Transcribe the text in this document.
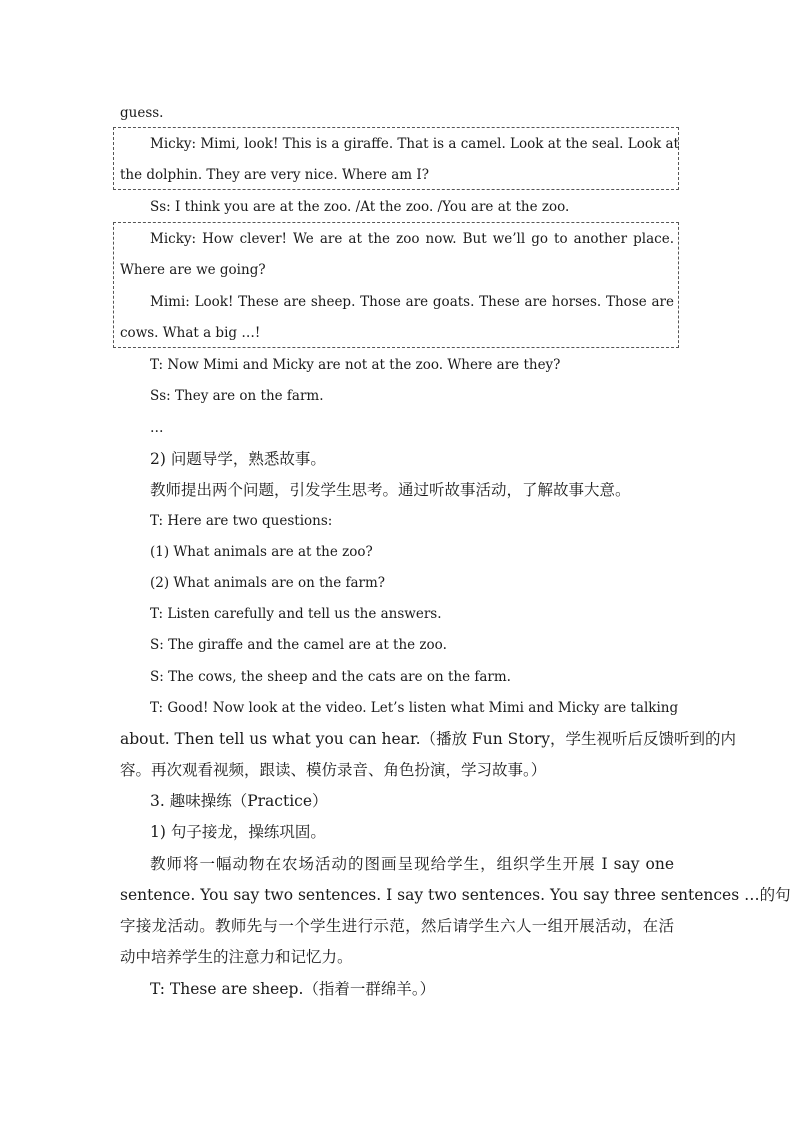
guess.
Micky: Mimi, look! This is a giraffe. That is a camel. Look at the seal. Look at
the dolphin. They are very nice. Where am I?
Ss: I think you are at the zoo. /At the zoo. /You are at the zoo.
Micky: How clever! We are at the zoo now. But we’ll go to another place.
Where are we going?
Mimi: Look! These are sheep. Those are goats. These are horses. Those are
cows. What a big …!
T: Now Mimi and Micky are not at the zoo. Where are they?
Ss: They are on the farm.
…
2) 问题导学，熟悉故事。
教师提出两个问题，引发学生思考。通过听故事活动，了解故事大意。
T: Here are two questions:
(1) What animals are at the zoo?
(2) What animals are on the farm?
T: Listen carefully and tell us the answers.
S: The giraffe and the camel are at the zoo.
S: The cows, the sheep and the cats are on the farm.
T: Good! Now look at the video. Let’s listen what Mimi and Micky are talking
about. Then tell us what you can hear.（播放 Fun Story，学生视听后反馈听到的内
容。再次观看视频，跟读、模仿录音、角色扮演，学习故事。）
3. 趣味操练（Practice）
1) 句子接龙，操练巩固。
教师将一幅动物在农场活动的图画呈现给学生，组织学生开展 I say one
sentence. You say two sentences. I say two sentences. You say three sentences …的句
字接龙活动。教师先与一个学生进行示范，然后请学生六人一组开展活动，在活
动中培养学生的注意力和记忆力。
T: These are sheep.（指着一群绵羊。）
